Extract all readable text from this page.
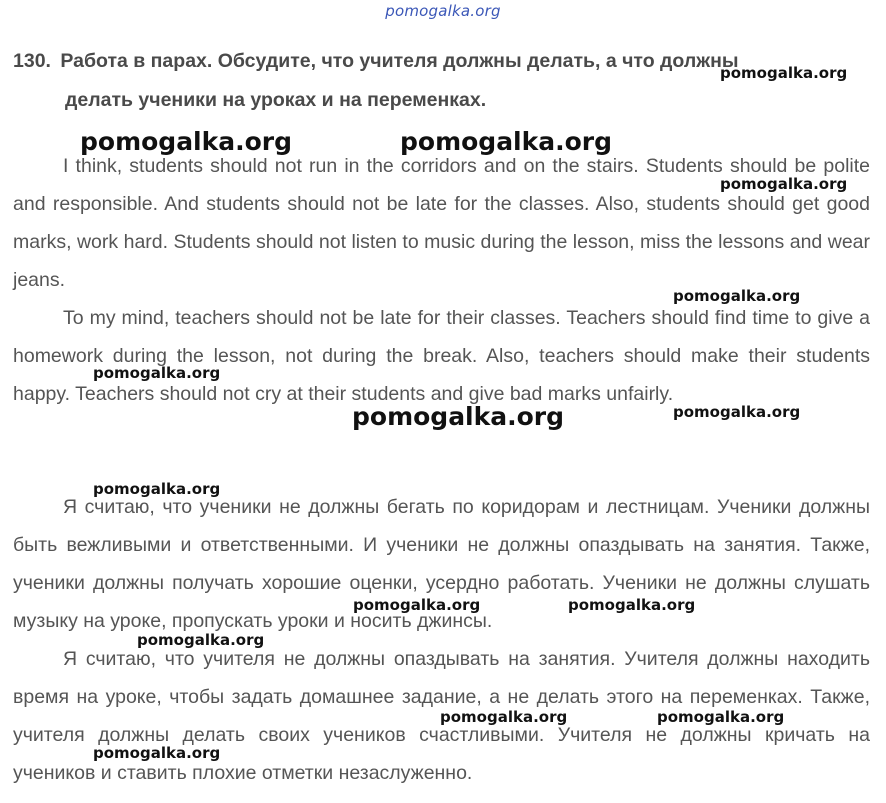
pomogalka.org
130. Работа в парах. Обсудите, что учителя должны делать, а что должны
делать ученики на уроках и на переменках.

I think, students should not run in the corridors and on the stairs. Students should be polite and responsible. And students should not be late for the classes. Also, students should get good marks, work hard. Students should not listen to music during the lesson, miss the lessons and wear jeans.

To my mind, teachers should not be late for their classes. Teachers should find time to give a homework during the lesson, not during the break. Also, teachers should make their students happy. Teachers should not cry at their students and give bad marks unfairly.

Я считаю, что ученики не должны бегать по коридорам и лестницам. Ученики должны быть вежливыми и ответственными. И ученики не должны опаздывать на занятия. Также, ученики должны получать хорошие оценки, усердно работать. Ученики не должны слушать музыку на уроке, пропускать уроки и носить джинсы.

Я считаю, что учителя не должны опаздывать на занятия. Учителя должны находить время на уроке, чтобы задать домашнее задание, а не делать этого на переменках. Также, учителя должны делать своих учеников счастливыми. Учителя не должны кричать на учеников и ставить плохие отметки незаслуженно.

pomogalka.org
pomogalka.org	pomogalka.org
pomogalka.org
pomogalka.org
pomogalka.org
pomogalka.org	pomogalka.org
pomogalka.org
pomogalka.org	pomogalka.org
pomogalka.org
pomogalka.org	pomogalka.org
pomogalka.org
